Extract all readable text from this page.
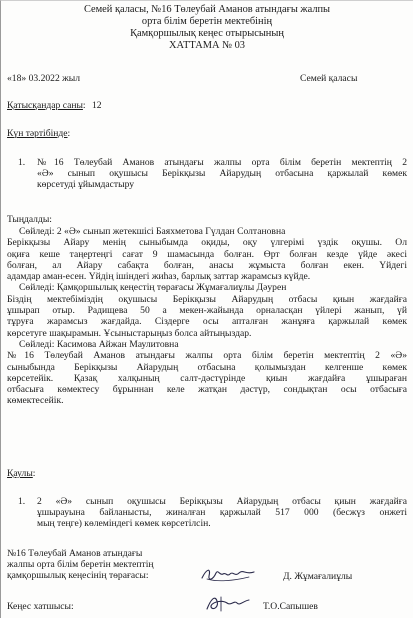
Семей қаласы, №16 Төлеубай Аманов атындағы жалпы
орта білім беретін мектебінің
Қамқоршылық кеңес отырысының
ХАТТАМА № 03
«18» 03.2022 жыл	Семей қаласы
Қатысқандар саны: 12
Күн тәртібінде:
1. №16 Төлеубай Аманов атындағы жалпы орта білім беретін мектептің 2
«Ә» сынып оқушысы Берікқызы Айарудың отбасына қаржылай көмек
көрсетуді ұйымдастыру
Тыңдалды:
Сөйледі: 2 «Ә» сынып жетекшісі Баяхметова Гүлдан Солтановна
Берікқызы Айару менің сыныбымда оқиды, оқу үлгерімі үздік оқушы. Ол
оқиға кеше таңертеңгі сағат 9 шамасында болған. Өрт болған кезде үйде әкесі
болған, ал Айару сабақта болған, анасы жұмыста болған екен. Үйдегі
адамдар аман-есен. Үйдің ішіндегі жиһаз, барлық заттар жарамсыз күйде.
Сөйледі: Қамқоршылық кеңестің төрағасы Жұмағалиұлы Дәурен
Біздің мектебіміздің оқушысы Берікқызы Айарудың отбасы қиын жағдайға
ұшырап отыр. Радищева 50 а мекен-жайында орналасқан үйлері жанып, үй
тұруға жарамсыз жағдайда. Сіздерге осы апталған жанұяға қаржылай көмек
көрсетуге шақырамын. Ұсыныстарыңыз болса айтыңыздар.
Сөйледі: Касимова Айжан Маулитовна
№16 Төлеубай Аманов атындағы жалпы орта білім беретін мектептің 2 «Ә»
сыныбында Берікқызы Айарудың отбасына қолымыздан келгенше көмек
көрсетейік. Қазақ халқының салт-дәстүрінде қиын жағдайға ұшыраған
отбасыға көмектесу бұрыннан келе жатқан дәстүр, сондықтан осы отбасыға
көмектесейік.
Қаулы:
1. 2 «Ә» сынып оқушысы Берікқызы Айарудың отбасы қиын жағдайға
ұшырауына байланысты, жиналған қаржылай 517 000 (бесжүз онжеті
мың теңге) көлеміндегі көмек көрсетілсін.
№16 Төлеубай Аманов атындағы
жалпы орта білім беретін мектептің
қамқоршылық кеңесінің төрағасы:	Д. Жұмағалиұлы
Кеңес хатшысы:	Т.О.Сапышев
